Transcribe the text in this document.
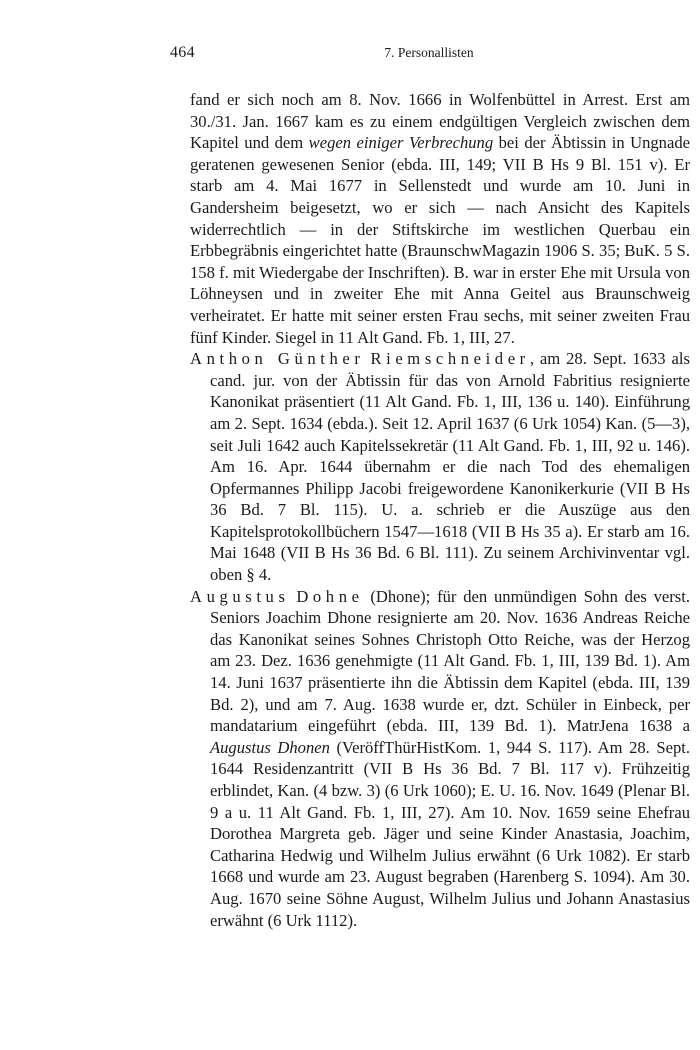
464	7. Personallisten

fand er sich noch am 8. Nov. 1666 in Wolfenbüttel in Arrest. Erst am 30./31. Jan. 1667 kam es zu einem endgültigen Vergleich zwischen dem Kapitel und dem wegen einiger Verbrechung bei der Äbtissin in Ungnade geratenen gewesenen Senior (ebda. III, 149; VII B Hs 9 Bl. 151 v). Er starb am 4. Mai 1677 in Sellenstedt und wurde am 10. Juni in Gandersheim beigesetzt, wo er sich — nach Ansicht des Kapitels widerrechtlich — in der Stiftskirche im westlichen Querbau ein Erbbegräbnis eingerichtet hatte (BraunschwMagazin 1906 S. 35; BuK. 5 S. 158 f. mit Wiedergabe der Inschriften). B. war in erster Ehe mit Ursula von Löhneysen und in zweiter Ehe mit Anna Geitel aus Braunschweig verheiratet. Er hatte mit seiner ersten Frau sechs, mit seiner zweiten Frau fünf Kinder. Siegel in 11 Alt Gand. Fb. 1, III, 27.

Anthon Günther Riemschneider, am 28. Sept. 1633 als cand. jur. von der Äbtissin für das von Arnold Fabritius resignierte Kanonikat präsentiert (11 Alt Gand. Fb. 1, III, 136 u. 140). Einführung am 2. Sept. 1634 (ebda.). Seit 12. April 1637 (6 Urk 1054) Kan. (5—3), seit Juli 1642 auch Kapitelssekretär (11 Alt Gand. Fb. 1, III, 92 u. 146). Am 16. Apr. 1644 übernahm er die nach Tod des ehemaligen Opfermannes Philipp Jacobi freigewordene Kanonikerkurie (VII B Hs 36 Bd. 7 Bl. 115). U. a. schrieb er die Auszüge aus den Kapitelsprotokollbüchern 1547—1618 (VII B Hs 35 a). Er starb am 16. Mai 1648 (VII B Hs 36 Bd. 6 Bl. 111). Zu seinem Archivinventar vgl. oben § 4.

Augustus Dohne (Dhone); für den unmündigen Sohn des verst. Seniors Joachim Dhone resignierte am 20. Nov. 1636 Andreas Reiche das Kanonikat seines Sohnes Christoph Otto Reiche, was der Herzog am 23. Dez. 1636 genehmigte (11 Alt Gand. Fb. 1, III, 139 Bd. 1). Am 14. Juni 1637 präsentierte ihn die Äbtissin dem Kapitel (ebda. III, 139 Bd. 2), und am 7. Aug. 1638 wurde er, dzt. Schüler in Einbeck, per mandatarium eingeführt (ebda. III, 139 Bd. 1). MatrJena 1638 a Augustus Dhonen (VeröffThürHistKom. 1, 944 S. 117). Am 28. Sept. 1644 Residenzantritt (VII B Hs 36 Bd. 7 Bl. 117 v). Frühzeitig erblindet, Kan. (4 bzw. 3) (6 Urk 1060); E. U. 16. Nov. 1649 (Plenar Bl. 9 a u. 11 Alt Gand. Fb. 1, III, 27). Am 10. Nov. 1659 seine Ehefrau Dorothea Margreta geb. Jäger und seine Kinder Anastasia, Joachim, Catharina Hedwig und Wilhelm Julius erwähnt (6 Urk 1082). Er starb 1668 und wurde am 23. August begraben (Harenberg S. 1094). Am 30. Aug. 1670 seine Söhne August, Wilhelm Julius und Johann Anastasius erwähnt (6 Urk 1112).
